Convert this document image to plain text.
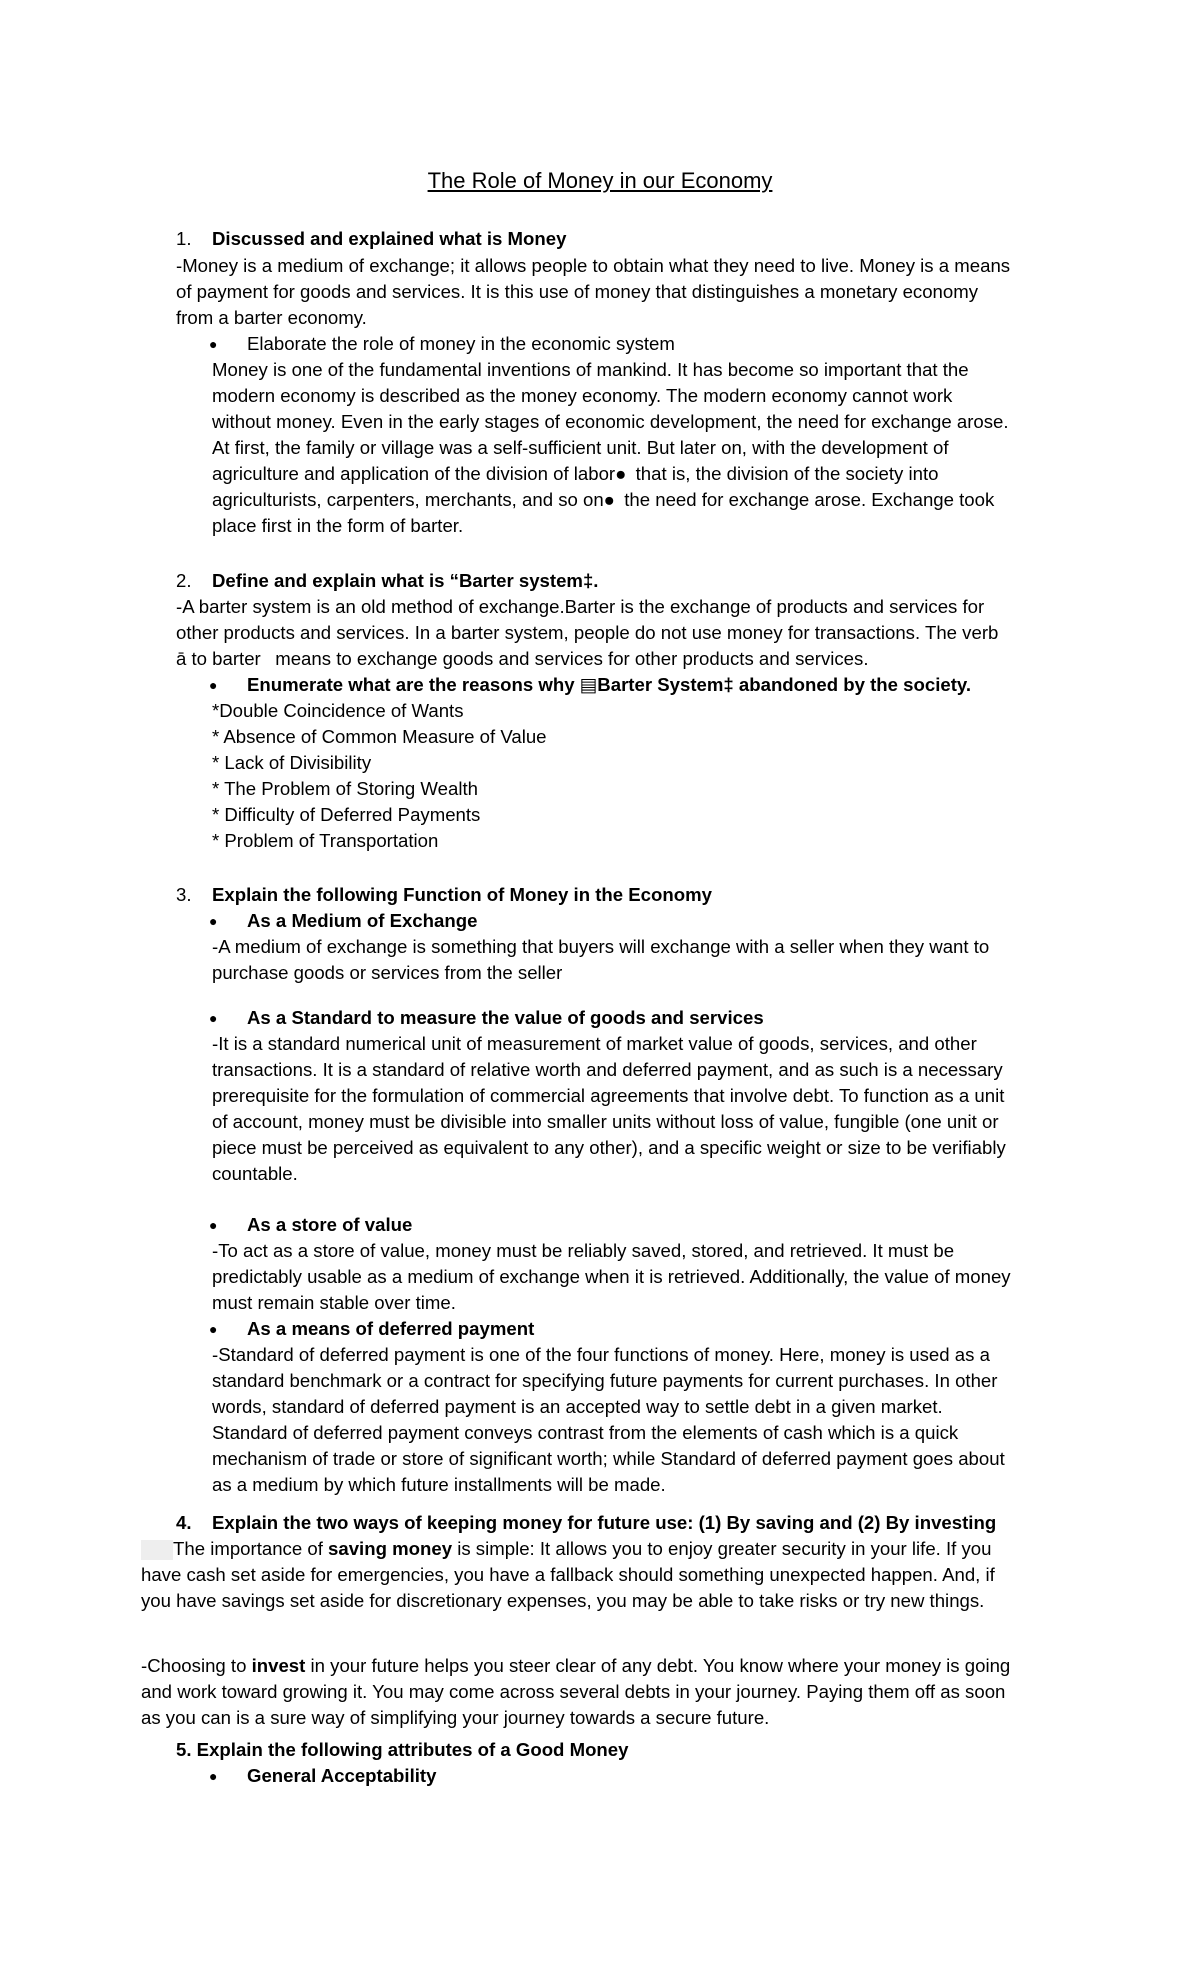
The Role of Money in our Economy
1. Discussed and explained what is Money

-Money is a medium of exchange; it allows people to obtain what they need to live. Money is a means

of payment for goods and services. It is this use of money that distinguishes a monetary economy

from a barter economy.

● Elaborate the role of money in the economic system

Money is one of the fundamental inventions of mankind. It has become so important that the

modern economy is described as the money economy. The modern economy cannot work

without money. Even in the early stages of economic development, the need for exchange arose.

At first, the family or village was a self-sufficient unit. But later on, with the development of

agriculture and application of the division of labor● that is, the division of the society into

agriculturists, carpenters, merchants, and so on● the need for exchange arose. Exchange took

place first in the form of barter.

2. Define and explain what is “Barter system‡.

-A barter system is an old method of exchange.Barter is the exchange of products and services for

other products and services. In a barter system, people do not use money for transactions. The verb

ā to barter  means to exchange goods and services for other products and services.

● Enumerate what are the reasons why ▤Barter System‡ abandoned by the society.

*Double Coincidence of Wants

* Absence of Common Measure of Value

* Lack of Divisibility

* The Problem of Storing Wealth

* Difficulty of Deferred Payments

* Problem of Transportation

3. Explain the following Function of Money in the Economy
● As a Medium of Exchange

-A medium of exchange is something that buyers will exchange with a seller when they want to

purchase goods or services from the seller

● As a Standard to measure the value of goods and services

-It is a standard numerical unit of measurement of market value of goods, services, and other

transactions. It is a standard of relative worth and deferred payment, and as such is a necessary

prerequisite for the formulation of commercial agreements that involve debt. To function as a unit

of account, money must be divisible into smaller units without loss of value, fungible (one unit or

piece must be perceived as equivalent to any other), and a specific weight or size to be verifiably

countable.

● As a store of value

-To act as a store of value, money must be reliably saved, stored, and retrieved. It must be

predictably usable as a medium of exchange when it is retrieved. Additionally, the value of money

must remain stable over time.

● As a means of deferred payment

-Standard of deferred payment is one of the four functions of money. Here, money is used as a

standard benchmark or a contract for specifying future payments for current purchases. In other

words, standard of deferred payment is an accepted way to settle debt in a given market.

Standard of deferred payment conveys contrast from the elements of cash which is a quick

mechanism of trade or store of significant worth; while Standard of deferred payment goes about

as a medium by which future installments will be made.

4. Explain the two ways of keeping money for future use: (1) By saving and (2) By investing

The importance of saving money is simple: It allows you to enjoy greater security in your life. If you

have cash set aside for emergencies, you have a fallback should something unexpected happen. And, if

you have savings set aside for discretionary expenses, you may be able to take risks or try new things.

-Choosing to invest in your future helps you steer clear of any debt. You know where your money is going

and work toward growing it. You may come across several debts in your journey. Paying them off as soon

as you can is a sure way of simplifying your journey towards a secure future.

5. Explain the following attributes of a Good Money
● General Acceptability
